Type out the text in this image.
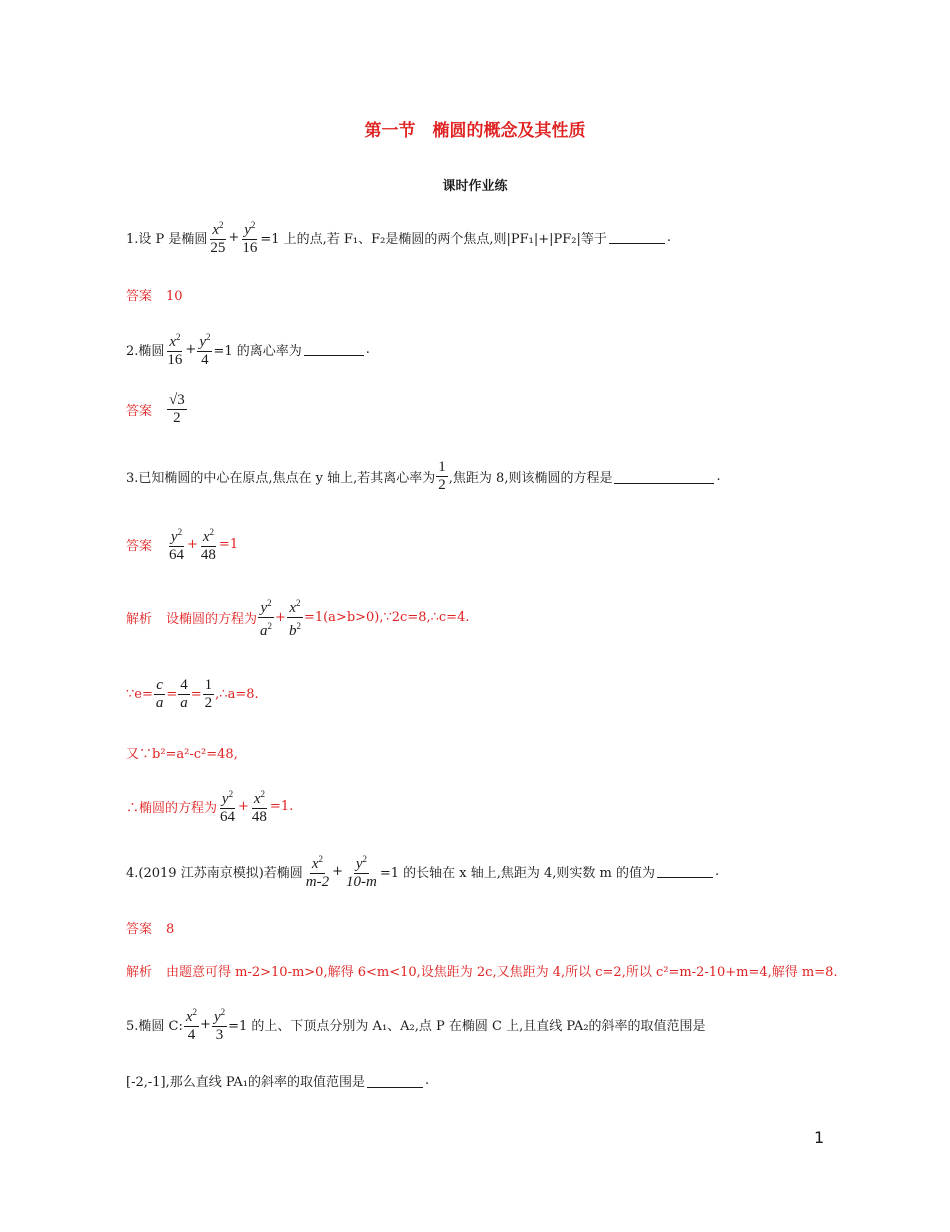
第一节　椭圆的概念及其性质
课时作业练
1.设 P 是椭圆 $\frac{x^2}{25} + \frac{y^2}{16} =1$ 上的点,若 F₁、F₂是椭圆的两个焦点,则|PF₁|+|PF₂|等于	.
答案 10
2.椭圆 $\frac{x^2}{16} + \frac{y^2}{4} =1$ 的离心率为	.
答案 $\frac{√3}{2}$
3.已知椭圆的中心在原点,焦点在 y 轴上,若其离心率为 $\frac{1}{2}$ ,焦距为 8,则该椭圆的方程是	.
答案 $\frac{y^2}{64} + \frac{x^2}{48} =1$
解析 设椭圆的方程为 $\frac{y^2}{a^2} + \frac{x^2}{b^2}$ =1(a>b>0),∵2c=8,∴c=4.
∵e= $\frac{c}{a} = \frac{4}{a} = \frac{1}{2}$ ,∴a=8.
又∵b²=a²-c²=48,
∴椭圆的方程为 $\frac{y^2}{64} + \frac{x^2}{48} =1$.
4.(2019 江苏南京模拟)若椭圆 $\frac{x^2}{m-2} + \frac{y^2}{10-m} =1$ 的长轴在 x 轴上,焦距为 4,则实数 m 的值为	.
答案 8
解析 由题意可得 m-2>10-m>0,解得 6<m<10,设焦距为 2c,又焦距为 4,所以 c=2,所以 c²=m-2-10+m=4,解得 m=8.
5.椭圆 C: $\frac{x^2}{4} + \frac{y^2}{3} =1$ 的上、下顶点分别为 A₁、A₂,点 P 在椭圆 C 上,且直线 PA₂的斜率的取值范围是
[-2,-1],那么直线 PA₁的斜率的取值范围是	.
1
